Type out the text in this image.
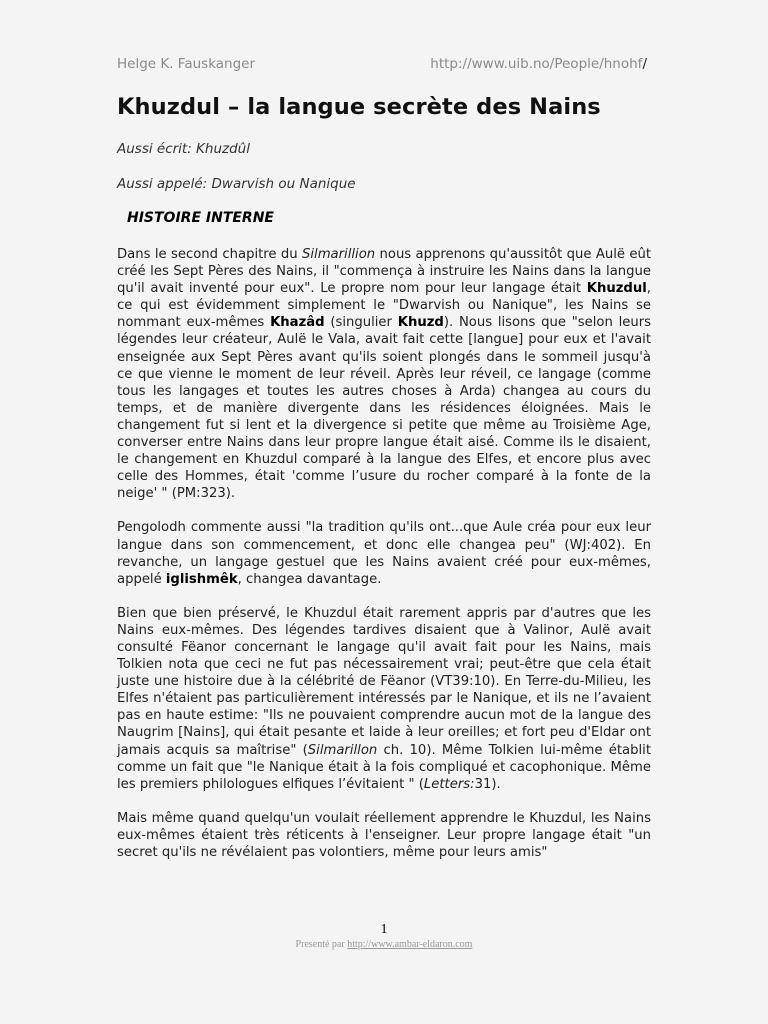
Helge K. Fauskanger	http://www.uib.no/People/hnohf/
Khuzdul – la langue secrète des Nains
Aussi écrit: Khuzdûl
Aussi appelé: Dwarvish ou Nanique
HISTOIRE INTERNE

Dans le second chapitre du Silmarillion nous apprenons qu'aussitôt que Aulë eût créé les Sept Pères des Nains, il "commença à instruire les Nains dans la langue qu'il avait inventé pour eux". Le propre nom pour leur langage était Khuzdul, ce qui est évidemment simplement le "Dwarvish ou Nanique", les Nains se nommant eux-mêmes Khazâd (singulier Khuzd). Nous lisons que "selon leurs légendes leur créateur, Aulë le Vala, avait fait cette [langue] pour eux et l'avait enseignée aux Sept Pères avant qu'ils soient plongés dans le sommeil jusqu'à ce que vienne le moment de leur réveil. Après leur réveil, ce langage (comme tous les langages et toutes les autres choses à Arda) changea au cours du temps, et de manière divergente dans les résidences éloignées. Mais le changement fut si lent et la divergence si petite que même au Troisième Age, converser entre Nains dans leur propre langue était aisé. Comme ils le disaient, le changement en Khuzdul comparé à la langue des Elfes, et encore plus avec celle des Hommes, était 'comme l’usure du rocher comparé à la fonte de la neige' " (PM:323).

Pengolodh commente aussi "la tradition qu'ils ont...que Aule créa pour eux leur langue dans son commencement, et donc elle changea peu" (WJ:402). En revanche, un langage gestuel que les Nains avaient créé pour eux-mêmes, appelé iglishmêk, changea davantage.

Bien que bien préservé, le Khuzdul était rarement appris par d'autres que les Nains eux-mêmes. Des légendes tardives disaient que à Valinor, Aulë avait consulté Fëanor concernant le langage qu'il avait fait pour les Nains, mais Tolkien nota que ceci ne fut pas nécessairement vrai; peut-être que cela était juste une histoire due à la célébrité de Fëanor (VT39:10). En Terre-du-Milieu, les Elfes n'étaient pas particulièrement intéressés par le Nanique, et ils ne l’avaient pas en haute estime: "Ils ne pouvaient comprendre aucun mot de la langue des Naugrim [Nains], qui était pesante et laide à leur oreilles; et fort peu d'Eldar ont jamais acquis sa maîtrise" (Silmarillon ch. 10). Même Tolkien lui-même établit comme un fait que "le Nanique était à la fois compliqué et cacophonique. Même les premiers philologues elfiques l’évitaient " (Letters:31).

Mais même quand quelqu'un voulait réellement apprendre le Khuzdul, les Nains eux-mêmes étaient très réticents à l'enseigner. Leur propre langage était "un secret qu'ils ne révélaient pas volontiers, même pour leurs amis"

1
Presenté par http://www.ambar-eldaron.com
